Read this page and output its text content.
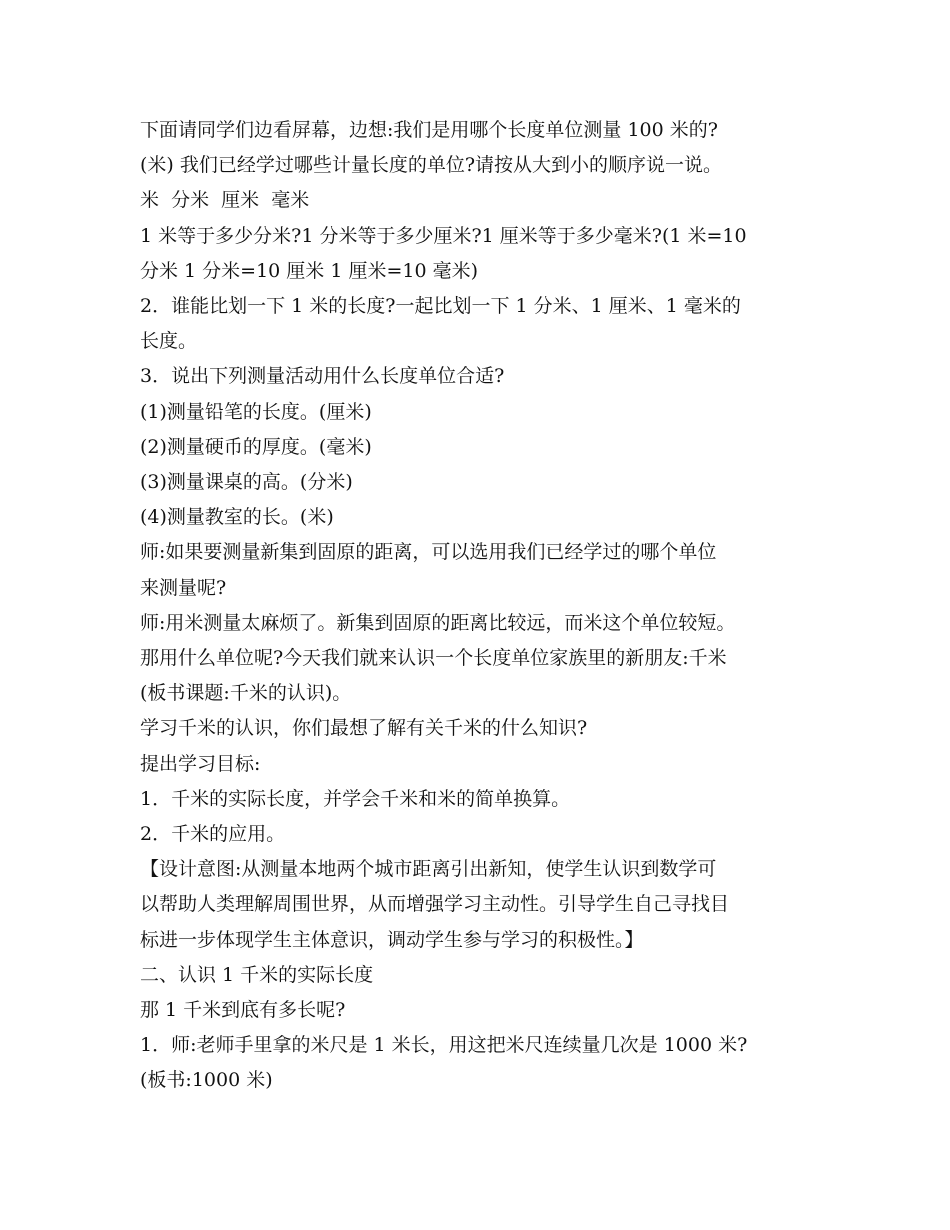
下面请同学们边看屏幕，边想:我们是用哪个长度单位测量 100 米的?

(米) 我们已经学过哪些计量长度的单位?请按从大到小的顺序说一说。

米  分米  厘米  毫米

1 米等于多少分米?1 分米等于多少厘米?1 厘米等于多少毫米?(1 米=10

分米 1 分米=10 厘米 1 厘米=10 毫米)

2．谁能比划一下 1 米的长度?一起比划一下 1 分米、1 厘米、1 毫米的

长度。

3．说出下列测量活动用什么长度单位合适?

(1)测量铅笔的长度。(厘米)

(2)测量硬币的厚度。(毫米)

(3)测量课桌的高。(分米)

(4)测量教室的长。(米)

师:如果要测量新集到固原的距离，可以选用我们已经学过的哪个单位

来测量呢?

师:用米测量太麻烦了。新集到固原的距离比较远，而米这个单位较短。

那用什么单位呢?今天我们就来认识一个长度单位家族里的新朋友:千米

(板书课题:千米的认识)。

学习千米的认识，你们最想了解有关千米的什么知识?

提出学习目标:

1．千米的实际长度，并学会千米和米的简单换算。

2．千米的应用。

【设计意图:从测量本地两个城市距离引出新知，使学生认识到数学可

以帮助人类理解周围世界，从而增强学习主动性。引导学生自己寻找目

标进一步体现学生主体意识，调动学生参与学习的积极性。】

二、认识 1 千米的实际长度

那 1 千米到底有多长呢?

1．师:老师手里拿的米尺是 1 米长，用这把米尺连续量几次是 1000 米?

(板书:1000 米)
